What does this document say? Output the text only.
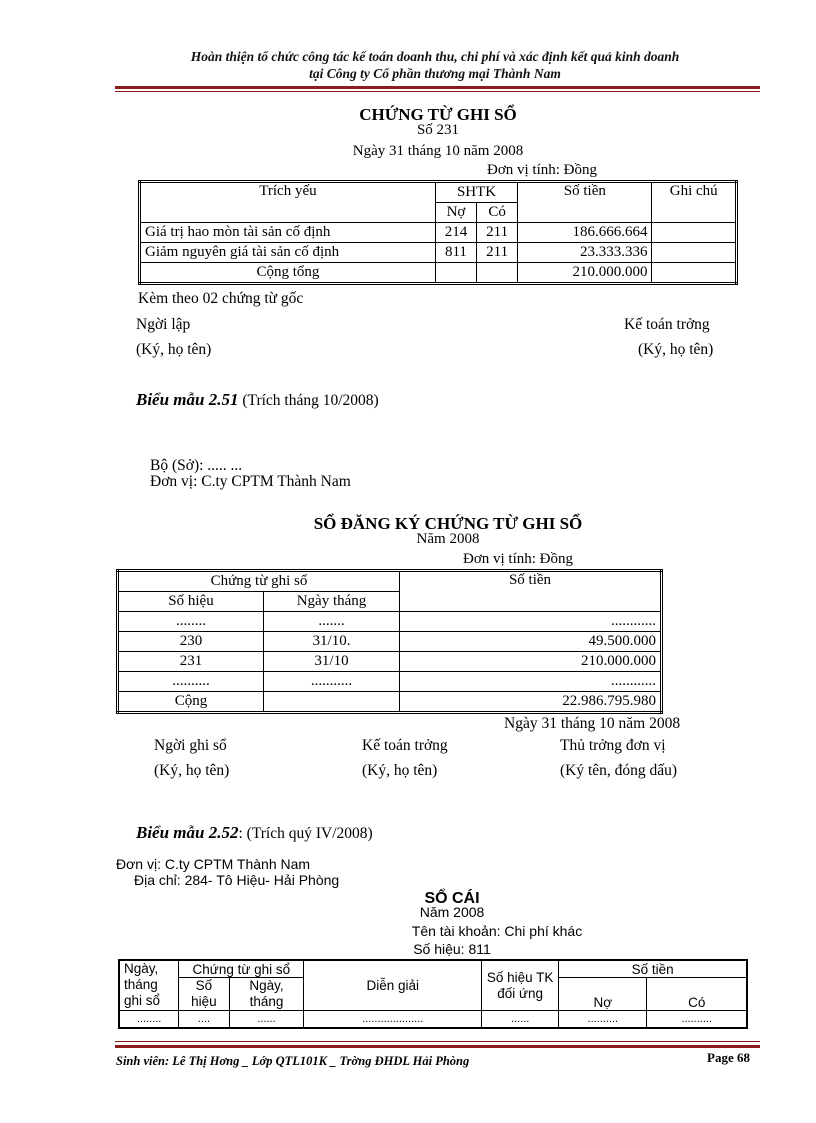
Hoàn thiện tổ chức công tác kế toán doanh thu, chi phí và xác định kết quả kinh doanh
tại Công ty Cổ phần thương mại Thành Nam
CHỨNG TỪ GHI SỔ
Số 231
Ngày 31 tháng 10 năm 2008
Đơn vị tính: Đồng
Trích yếu	SHTK		Số tiền	Ghi chú
	Nợ	Có		
Giá trị hao mòn tài sản cố định	214	211	186.666.664	
Giảm nguyên giá tài sản cố định	811	211	23.333.336	
Cộng tổng			210.000.000	
Kèm theo 02 chứng từ gốc
Ngời lập
(Ký, họ tên)
Kế toán trởng
(Ký, họ tên)
Biểu mẫu 2.51 (Trích tháng 10/2008)
Bộ (Sở): ..... ...
Đơn vị: C.ty CPTM Thành Nam
SỔ ĐĂNG KÝ CHỨNG TỪ GHI SỔ
Năm 2008
Đơn vị tính: Đồng
Chứng từ ghi sổ		Số tiền
Số hiệu	Ngày tháng	
........	.......	............
230	31/10.	49.500.000
231	31/10	210.000.000
..........	...........	............
Cộng		22.986.795.980
Ngày 31 tháng 10 năm 2008
Ngời ghi sổ
(Ký, họ tên)
Kế toán trởng
(Ký, họ tên)
Thủ trởng đơn vị
(Ký tên, đóng dấu)
Biểu mẫu 2.52: (Trích quý IV/2008)
Đơn vị: C.ty CPTM Thành Nam
Địa chỉ: 284- Tô Hiệu- Hải Phòng
SỔ CÁI
Năm 2008
Tên tài khoản: Chi phí khác
Số hiệu: 811
Ngày, tháng ghi sổ	Chứng từ ghi sổ		Diễn giải	Số hiệu TK đối ứng	Số tiền	
	Số hiệu	Ngày, tháng			Nợ	Có
........	....	......	....................	......	..........	..........
Sinh viên: Lê Thị Hơng _ Lớp QTL101K _ Trờng ĐHDL Hải Phòng	Page 68
